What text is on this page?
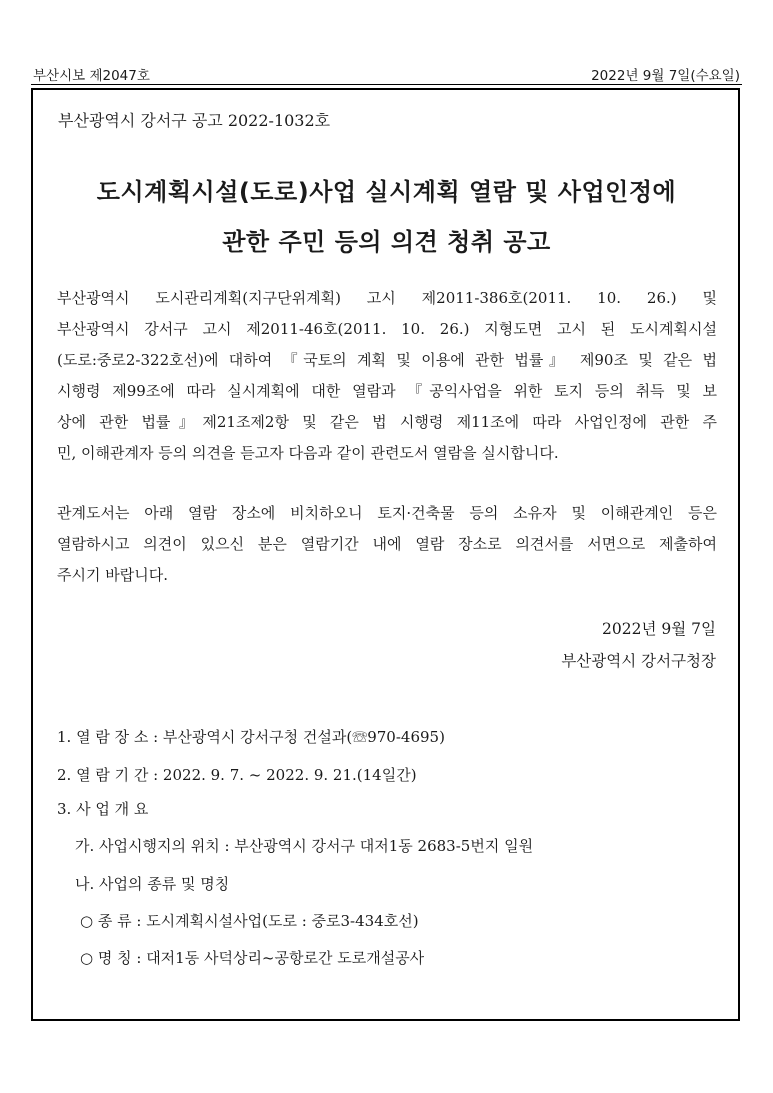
부산시보 제2047호	2022년 9월 7일(수요일)
부산광역시 강서구 공고 2022-1032호
도시계획시설(도로)사업 실시계획 열람 및 사업인정에
관한 주민 등의 의견 청취 공고
부산광역시 도시관리계획(지구단위계획) 고시 제2011-386호(2011. 10. 26.) 및
부산광역시 강서구 고시 제2011-46호(2011. 10. 26.) 지형도면 고시 된 도시계획시설
(도로:중로2-322호선)에 대하여 『국토의 계획 및 이용에 관한 법률』 제90조 및 같은 법
시행령 제99조에 따라 실시계획에 대한 열람과 『공익사업을 위한 토지 등의 취득 및 보
상에 관한 법률』제21조제2항 및 같은 법 시행령 제11조에 따라 사업인정에 관한 주
민, 이해관계자 등의 의견을 듣고자 다음과 같이 관련도서 열람을 실시합니다.
관계도서는 아래 열람 장소에 비치하오니 토지·건축물 등의 소유자 및 이해관계인 등은
열람하시고 의견이 있으신 분은 열람기간 내에 열람 장소로 의견서를 서면으로 제출하여
주시기 바랍니다.
2022년 9월 7일
부산광역시 강서구청장
1. 열 람 장 소 : 부산광역시 강서구청 건설과(☏970-4695)
2. 열 람 기 간 : 2022. 9. 7. ~ 2022. 9. 21.(14일간)
3. 사 업 개 요
가. 사업시행지의 위치 : 부산광역시 강서구 대저1동 2683-5번지 일원
나. 사업의 종류 및 명칭
○ 종 류 : 도시계획시설사업(도로 : 중로3-434호선)
○ 명 칭 : 대저1동 사덕상리~공항로간 도로개설공사
